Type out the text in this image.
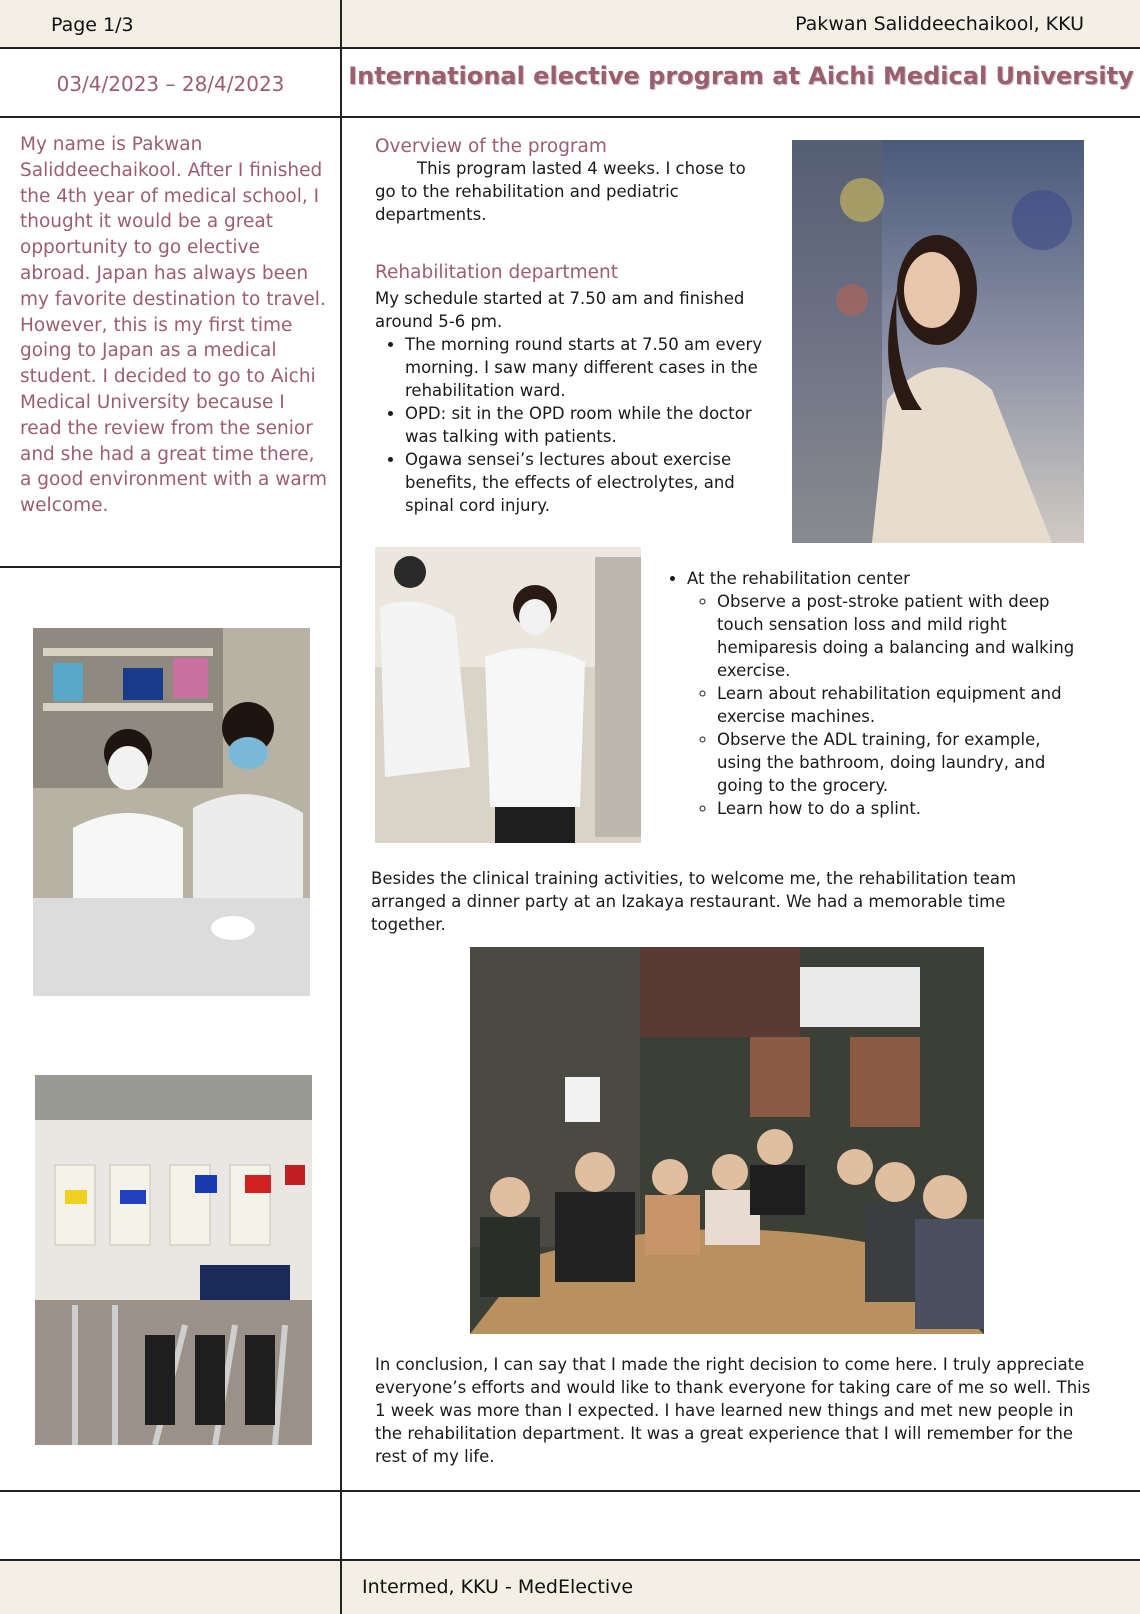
Page 1/3	Pakwan Saliddeechaikool, KKU
Intermed, KKU - MedElective
03/4/2023 – 28/4/2023	International elective program at Aichi Medical University
My name is Pakwan Saliddeechaikool. After I finished the 4th year of medical school, I thought it would be a great opportunity to go elective abroad. Japan has always been my favorite destination to travel. However, this is my first time going to Japan as a medical student. I decided to go to Aichi Medical University because I read the review from the senior and she had a great time there, a good environment with a warm welcome.
Overview of the program
This program lasted 4 weeks. I chose to go to the rehabilitation and pediatric departments.
Rehabilitation department
My schedule started at 7.50 am and finished around 5-6 pm.
• The morning round starts at 7.50 am every morning. I saw many different cases in the rehabilitation ward.
• OPD: sit in the OPD room while the doctor was talking with patients.
• Ogawa sensei’s lectures about exercise benefits, the effects of electrolytes, and spinal cord injury.
• At the rehabilitation center
◦ Observe a post-stroke patient with deep touch sensation loss and mild right hemiparesis doing a balancing and walking exercise.
◦ Learn about rehabilitation equipment and exercise machines.
◦ Observe the ADL training, for example, using the bathroom, doing laundry, and going to the grocery.
◦ Learn how to do a splint.
Besides the clinical training activities, to welcome me, the rehabilitation team arranged a dinner party at an Izakaya restaurant. We had a memorable time together.
In conclusion, I can say that I made the right decision to come here. I truly appreciate everyone’s efforts and would like to thank everyone for taking care of me so well. This 1 week was more than I expected. I have learned new things and met new people in the rehabilitation department. It was a great experience that I will remember for the rest of my life.
